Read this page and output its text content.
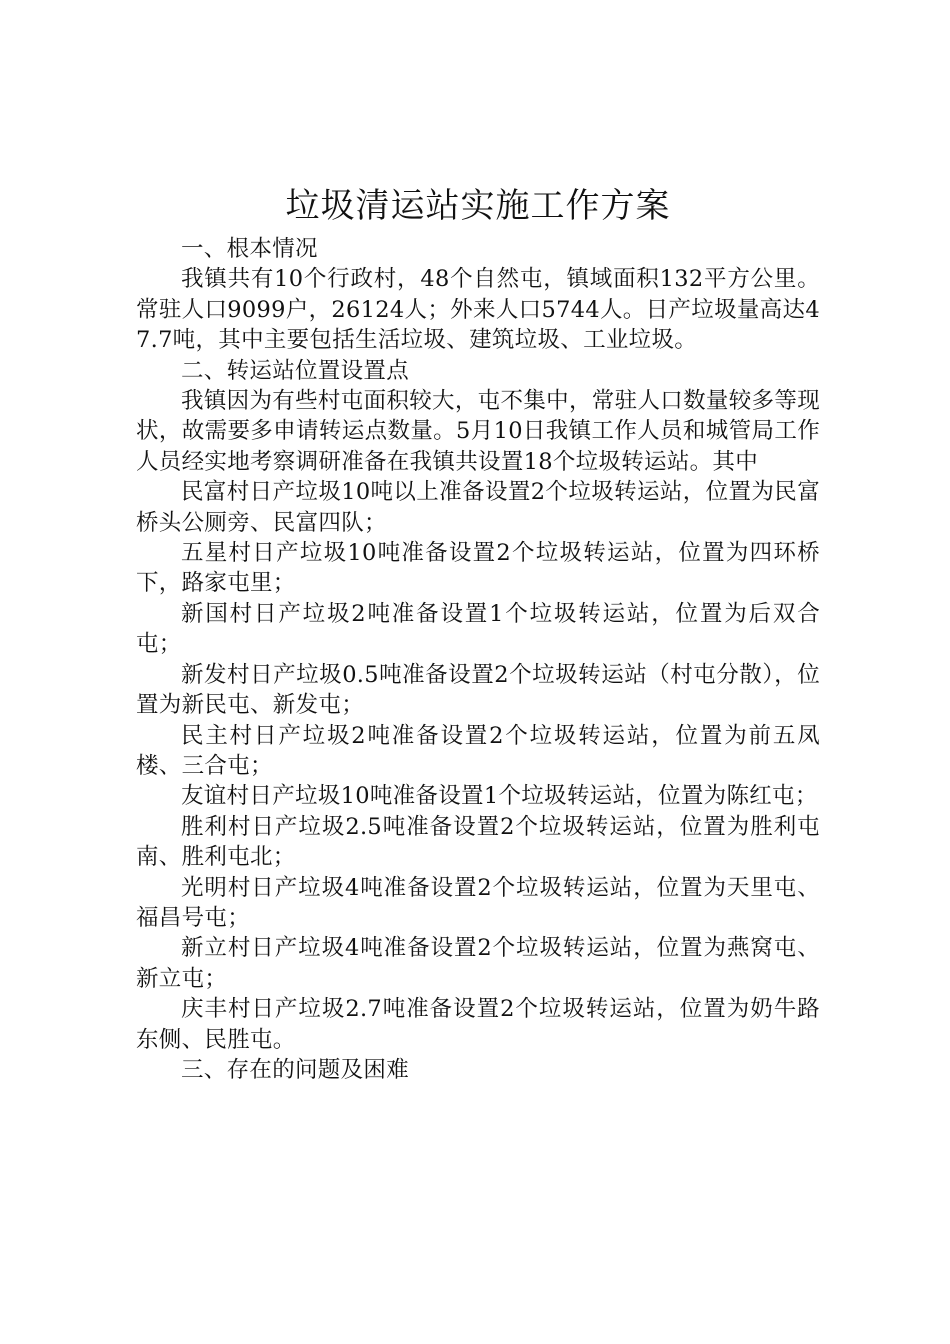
垃圾清运站实施工作方案

一、根本情况

我镇共有10个行政村，48个自然屯，镇域面积132平方公里。常驻人口9099户，26124人；外来人口5744人。日产垃圾量高达47.7吨，其中主要包括生活垃圾、建筑垃圾、工业垃圾。

二、转运站位置设置点

我镇因为有些村屯面积较大，屯不集中，常驻人口数量较多等现状，故需要多申请转运点数量。5月10日我镇工作人员和城管局工作人员经实地考察调研准备在我镇共设置18个垃圾转运站。其中

民富村日产垃圾10吨以上准备设置2个垃圾转运站，位置为民富桥头公厕旁、民富四队；

五星村日产垃圾10吨准备设置2个垃圾转运站，位置为四环桥下，路家屯里；

新国村日产垃圾2吨准备设置1个垃圾转运站，位置为后双合屯；

新发村日产垃圾0.5吨准备设置2个垃圾转运站（村屯分散），位置为新民屯、新发屯；

民主村日产垃圾2吨准备设置2个垃圾转运站，位置为前五凤楼、三合屯；

友谊村日产垃圾10吨准备设置1个垃圾转运站，位置为陈红屯；

胜利村日产垃圾2.5吨准备设置2个垃圾转运站，位置为胜利屯南、胜利屯北；

光明村日产垃圾4吨准备设置2个垃圾转运站，位置为天里屯、福昌号屯；

新立村日产垃圾4吨准备设置2个垃圾转运站，位置为燕窝屯、新立屯；

庆丰村日产垃圾2.7吨准备设置2个垃圾转运站，位置为奶牛路东侧、民胜屯。

三、存在的问题及困难
